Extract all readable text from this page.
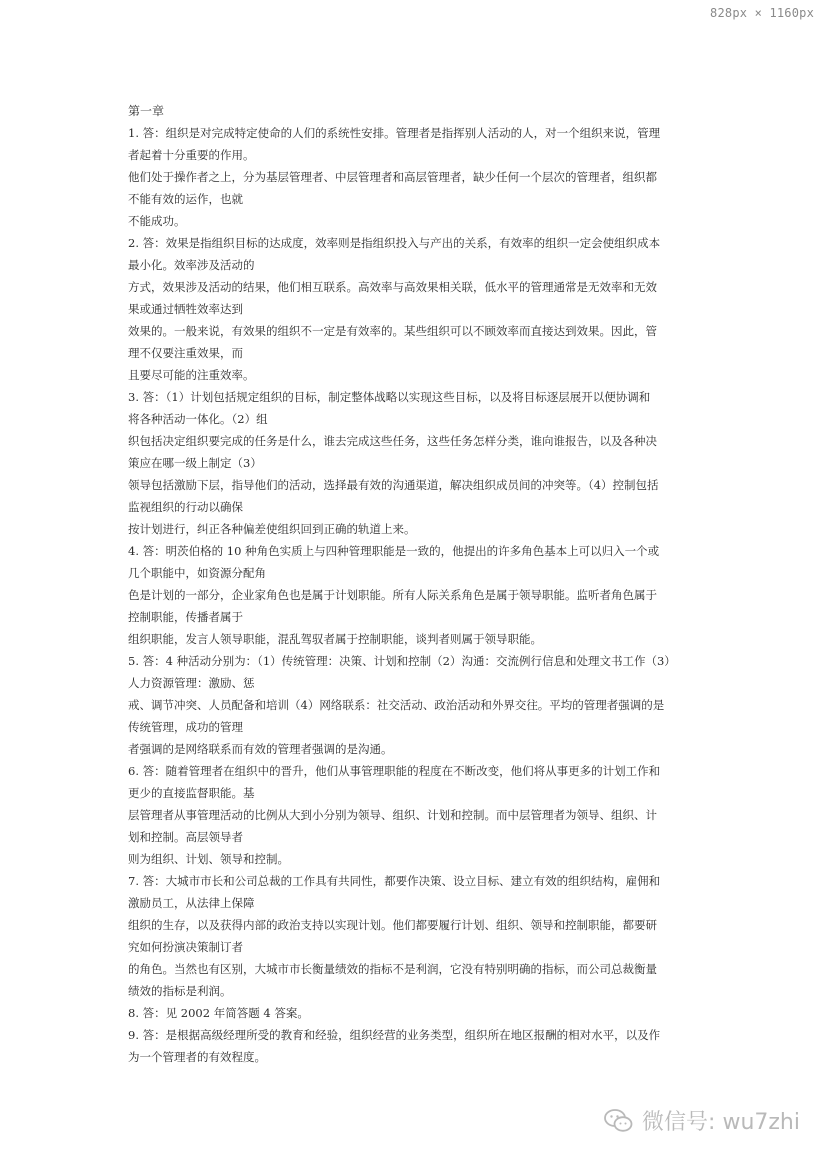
828px × 1160px

第一章

1. 答：组织是对完成特定使命的人们的系统性安排。管理者是指挥别人活动的人，对一个组织来说，管理

者起着十分重要的作用。

他们处于操作者之上，分为基层管理者、中层管理者和高层管理者，缺少任何一个层次的管理者，组织都

不能有效的运作，也就

不能成功。

2. 答：效果是指组织目标的达成度，效率则是指组织投入与产出的关系，有效率的组织一定会使组织成本

最小化。效率涉及活动的

方式，效果涉及活动的结果，他们相互联系。高效率与高效果相关联，低水平的管理通常是无效率和无效

果或通过牺牲效率达到

效果的。一般来说，有效果的组织不一定是有效率的。某些组织可以不顾效率而直接达到效果。因此，管

理不仅要注重效果，而

且要尽可能的注重效率。

3. 答：（1）计划包括规定组织的目标，制定整体战略以实现这些目标，以及将目标逐层展开以便协调和

将各种活动一体化。（2）组

织包括决定组织要完成的任务是什么，谁去完成这些任务，这些任务怎样分类，谁向谁报告，以及各种决

策应在哪一级上制定（3）

领导包括激励下层，指导他们的活动，选择最有效的沟通渠道，解决组织成员间的冲突等。（4）控制包括

监视组织的行动以确保

按计划进行，纠正各种偏差使组织回到正确的轨道上来。

4. 答：明茨伯格的 10 种角色实质上与四种管理职能是一致的，他提出的许多角色基本上可以归入一个或

几个职能中，如资源分配角

色是计划的一部分，企业家角色也是属于计划职能。所有人际关系角色是属于领导职能。监听者角色属于

控制职能，传播者属于

组织职能，发言人领导职能，混乱驾驭者属于控制职能，谈判者则属于领导职能。

5. 答：4 种活动分别为：（1）传统管理：决策、计划和控制（2）沟通：交流例行信息和处理文书工作（3）

人力资源管理：激励、惩

戒、调节冲突、人员配备和培训（4）网络联系：社交活动、政治活动和外界交往。平均的管理者强调的是

传统管理，成功的管理

者强调的是网络联系而有效的管理者强调的是沟通。

6. 答：随着管理者在组织中的晋升，他们从事管理职能的程度在不断改变，他们将从事更多的计划工作和

更少的直接监督职能。基

层管理者从事管理活动的比例从大到小分别为领导、组织、计划和控制。而中层管理者为领导、组织、计

划和控制。高层领导者

则为组织、计划、领导和控制。

7. 答：大城市市长和公司总裁的工作具有共同性，都要作决策、设立目标、建立有效的组织结构，雇佣和

激励员工，从法律上保障

组织的生存，以及获得内部的政治支持以实现计划。他们都要履行计划、组织、领导和控制职能，都要研

究如何扮演决策制订者

的角色。当然也有区别，大城市市长衡量绩效的指标不是利润，它没有特别明确的指标，而公司总裁衡量

绩效的指标是利润。

8. 答：见 2002 年简答题 4 答案。

9. 答：是根据高级经理所受的教育和经验，组织经营的业务类型，组织所在地区报酬的相对水平，以及作

为一个管理者的有效程度。

微信号: wu7zhi
